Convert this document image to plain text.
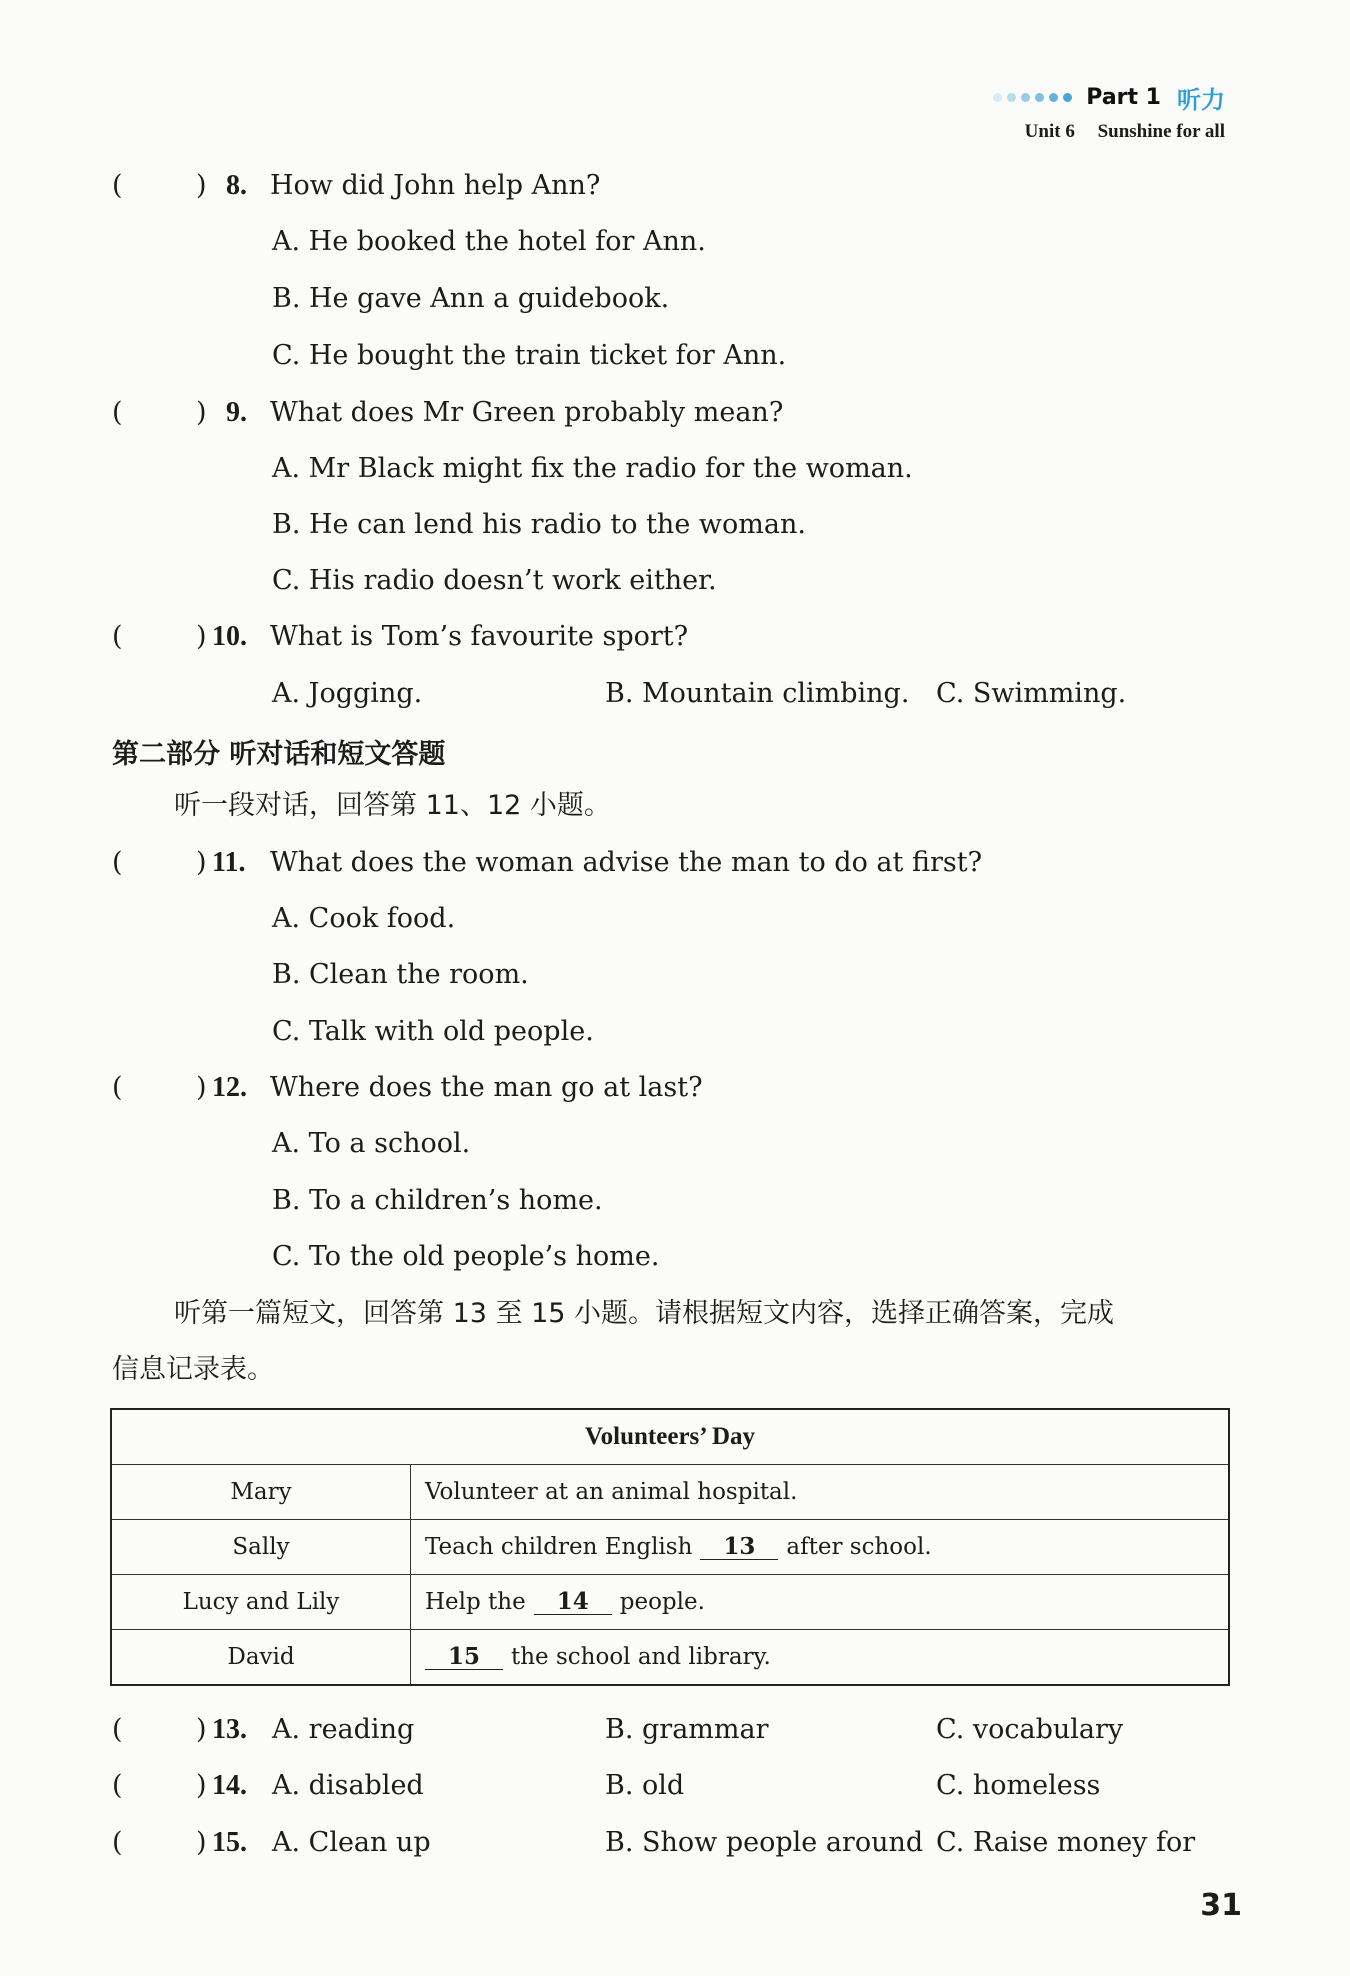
Part 1 听力
Unit 6 Sunshine for all
(	) 8. How did John help Ann?
A. He booked the hotel for Ann.
B. He gave Ann a guidebook.
C. He bought the train ticket for Ann.
(	) 9. What does Mr Green probably mean?
A. Mr Black might fix the radio for the woman.
B. He can lend his radio to the woman.
C. His radio doesn’t work either.
(	) 10. What is Tom’s favourite sport?
A. Jogging.	B. Mountain climbing. C. Swimming.
第二部分 听对话和短文答题
听一段对话，回答第 11、12 小题。
(	) 11. What does the woman advise the man to do at first?
A. Cook food.
B. Clean the room.
C. Talk with old people.
(	) 12. Where does the man go at last?
A. To a school.
B. To a children’s home.
C. To the old people’s home.
听第一篇短文，回答第 13 至 15 小题。请根据短文内容，选择正确答案，完成
信息记录表。
Volunteers’ Day	
Mary	Volunteer at an animal hospital.
Sally	Teach children English 13 after school.
Lucy and Lily	Help the 14 people.
David	15 the school and library.
(	) 13. A. reading	B. grammar	C. vocabulary
(	) 14. A. disabled	B. old	C. homeless
(	) 15. A. Clean up	B. Show people around C. Raise money for
31
